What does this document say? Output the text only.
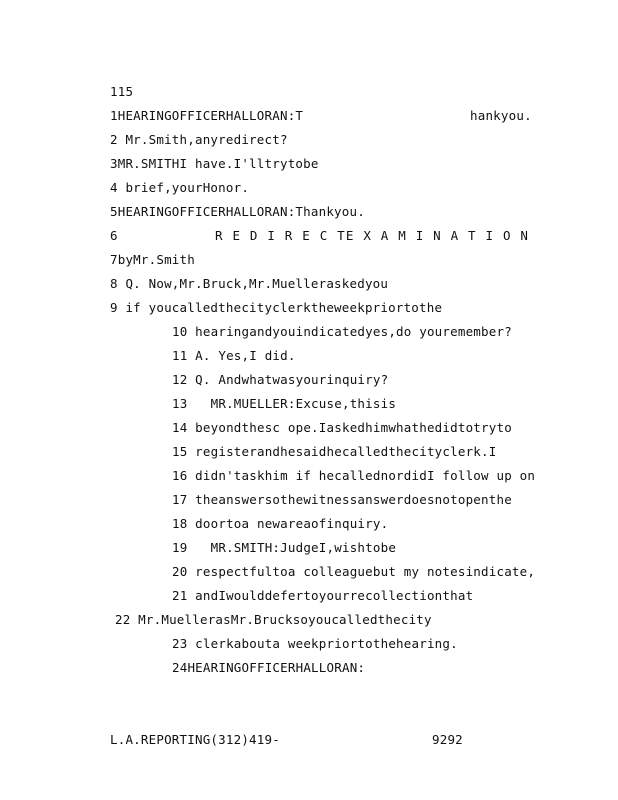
115
1HEARINGOFFICERHALLORAN:T	hankyou.
2 Mr.Smith,anyredirect?
3MR.SMITHI have.I'lltrytobe
4 brief,yourHonor.
5HEARINGOFFICERHALLORAN:Thankyou.
6	R E D I R E C TE X A M I N A T I O N
7byMr.Smith
8 Q. Now,Mr.Bruck,Mr.Muelleraskedyou
9 if youcalledthecityclerktheweekpriortothe
10 hearingandyouindicatedyes,do youremember?
11 A. Yes,I did.
12 Q. Andwhatwasyourinquiry?
13   MR.MUELLER:Excuse,thisis
14 beyondthesc ope.Iaskedhimwhathedidtotryto
15 registerandhesaidhecalledthecityclerk.I
16 didn'taskhim if hecallednordidI follow up on
17 theanswersothewitnessanswerdoesnotopenthe
18 doortoa newareaofinquiry.
19   MR.SMITH:JudgeI,wishtobe
20 respectfultoa colleaguebut my notesindicate,
21 andIwoulddefertoyourrecollectionthat
22 Mr.MuellerasMr.Brucksoyoucalledthecity
23 clerkabouta weekpriortothehearing.
24HEARINGOFFICERHALLORAN:
L.A.REPORTING(312)419-	9292
